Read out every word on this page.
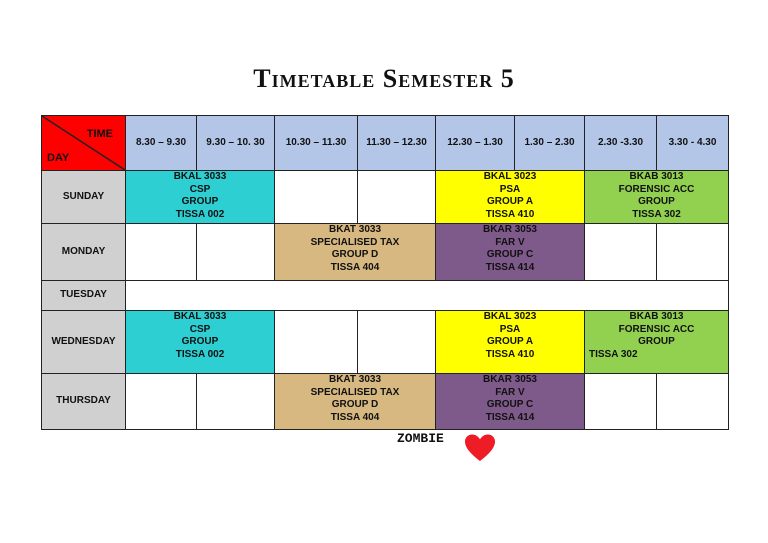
Timetable Semester 5
TIME
DAY	8.30 – 9.30	9.30 – 10. 30	10.30 – 11.30	11.30 – 12.30	12.30 – 1.30	1.30 – 2.30	2.30 -3.30	3.30 - 4.30
SUNDAY	BKAL 3033
CSP
GROUP
TISSA 002				BKAL 3023
PSA
GROUP A
TISSA 410		BKAB 3013
FORENSIC ACC
GROUP
TISSA 302	

MONDAY			BKAT 3033
SPECIALISED TAX
GROUP D
TISSA 404		BKAR 3053
FAR V
GROUP C
TISSA 414			

TUESDAY								
WEDNESDAY	BKAL 3033
CSP
GROUP
TISSA 002				BKAL 3023
PSA
GROUP A
TISSA 410		BKAB 3013
FORENSIC ACC
GROUP
TISSA 302	

THURSDAY			BKAT 3033
SPECIALISED TAX
GROUP D
TISSA 404		BKAR 3053
FAR V
GROUP C
TISSA 414			

ZOMBIE
